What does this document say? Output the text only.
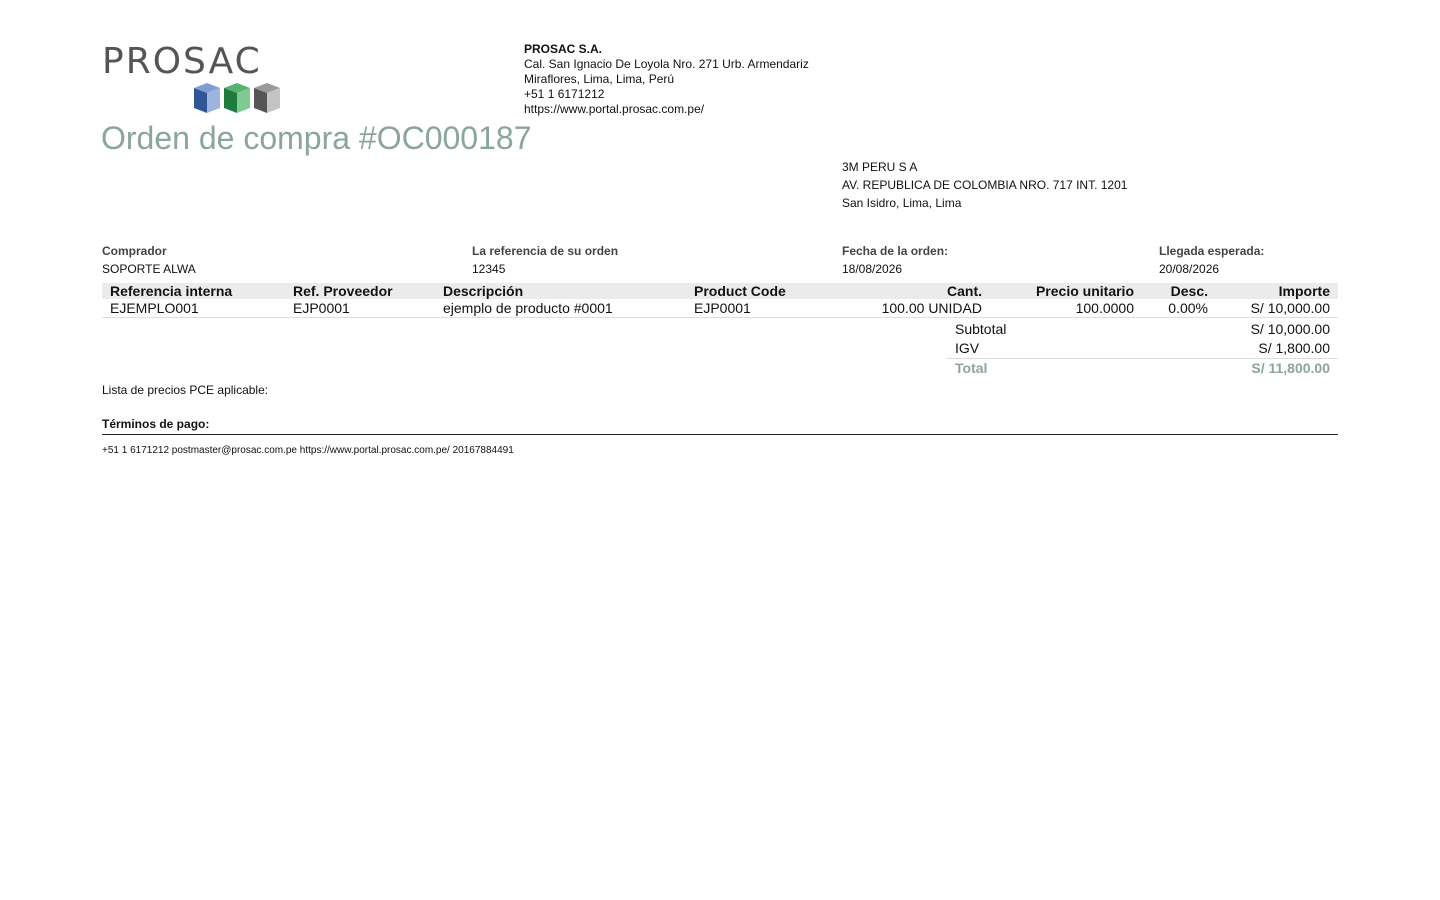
PROSAC	PROSAC S.A.
Cal. San Ignacio De Loyola Nro. 271 Urb. Armendariz
Miraflores, Lima, Lima, Perú
+51 1 6171212
https://www.portal.prosac.com.pe/
Orden de compra #OC000187
3M PERU S A
AV. REPUBLICA DE COLOMBIA NRO. 717 INT. 1201
San Isidro, Lima, Lima
Comprador
SOPORTE ALWA
La referencia de su orden
12345
Fecha de la orden:
18/08/2026
Llegada esperada:
20/08/2026
Referencia interna	Ref. Proveedor	Descripción	Product Code	Cant.	Precio unitario	Desc.	Importe
EJEMPLO001	EJP0001	ejemplo de producto #0001	EJP0001	100.00 UNIDAD	100.0000	0.00%	S/ 10,000.00
Subtotal	S/ 10,000.00
IGV	S/ 1,800.00
Total	S/ 11,800.00
Lista de precios PCE aplicable:
Términos de pago:
+51 1 6171212 postmaster@prosac.com.pe https://www.portal.prosac.com.pe/ 20167884491
